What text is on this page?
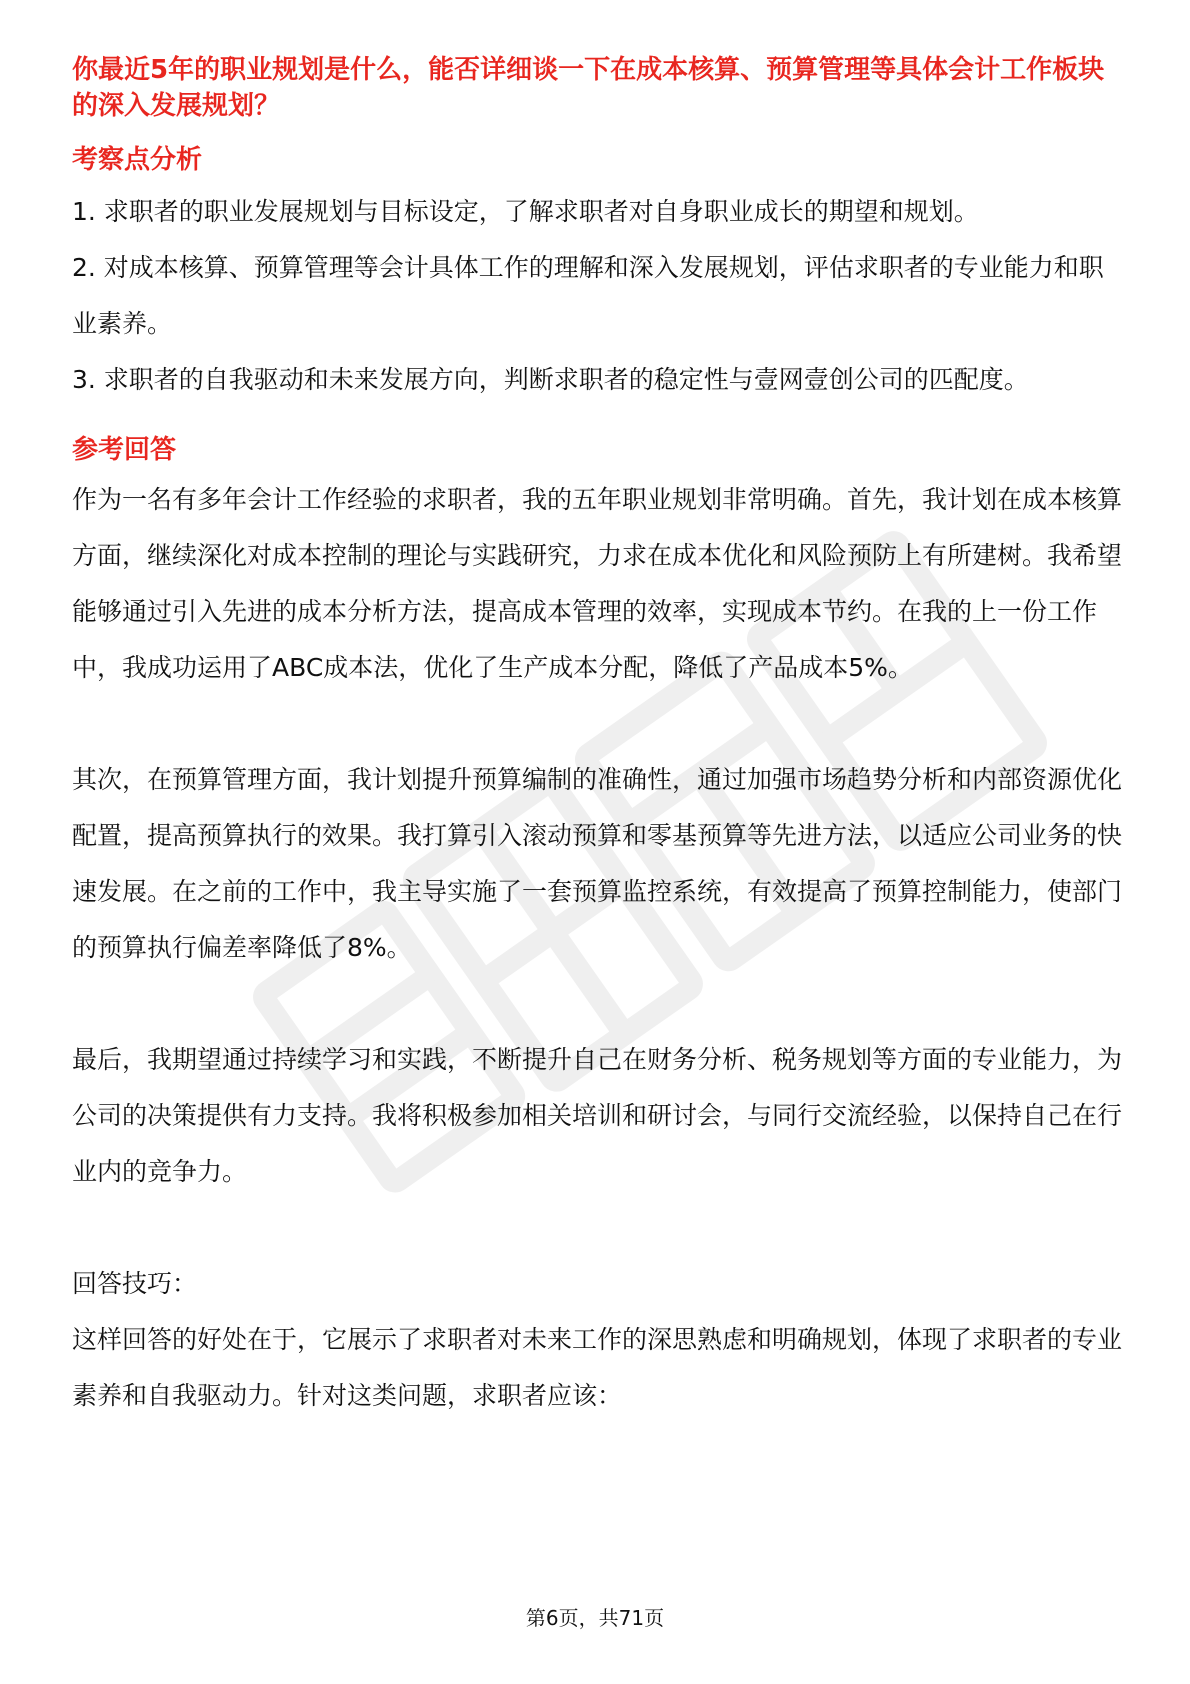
你最近5年的职业规划是什么，能否详细谈一下在成本核算、预算管理等具体会计工作板块的深入发展规划？

考察点分析

1. 求职者的职业发展规划与目标设定，了解求职者对自身职业成长的期望和规划。

2. 对成本核算、预算管理等会计具体工作的理解和深入发展规划，评估求职者的专业能力和职业素养。

3. 求职者的自我驱动和未来发展方向，判断求职者的稳定性与壹网壹创公司的匹配度。

参考回答

作为一名有多年会计工作经验的求职者，我的五年职业规划非常明确。首先，我计划在成本核算方面，继续深化对成本控制的理论与实践研究，力求在成本优化和风险预防上有所建树。我希望能够通过引入先进的成本分析方法，提高成本管理的效率，实现成本节约。在我的上一份工作中，我成功运用了ABC成本法，优化了生产成本分配，降低了产品成本5%。

其次，在预算管理方面，我计划提升预算编制的准确性，通过加强市场趋势分析和内部资源优化配置，提高预算执行的效果。我打算引入滚动预算和零基预算等先进方法，以适应公司业务的快速发展。在之前的工作中，我主导实施了一套预算监控系统，有效提高了预算控制能力，使部门的预算执行偏差率降低了8%。

最后，我期望通过持续学习和实践，不断提升自己在财务分析、税务规划等方面的专业能力，为公司的决策提供有力支持。我将积极参加相关培训和研讨会，与同行交流经验，以保持自己在行业内的竞争力。

回答技巧：

这样回答的好处在于，它展示了求职者对未来工作的深思熟虑和明确规划，体现了求职者的专业素养和自我驱动力。针对这类问题，求职者应该：

第6页，共71页
